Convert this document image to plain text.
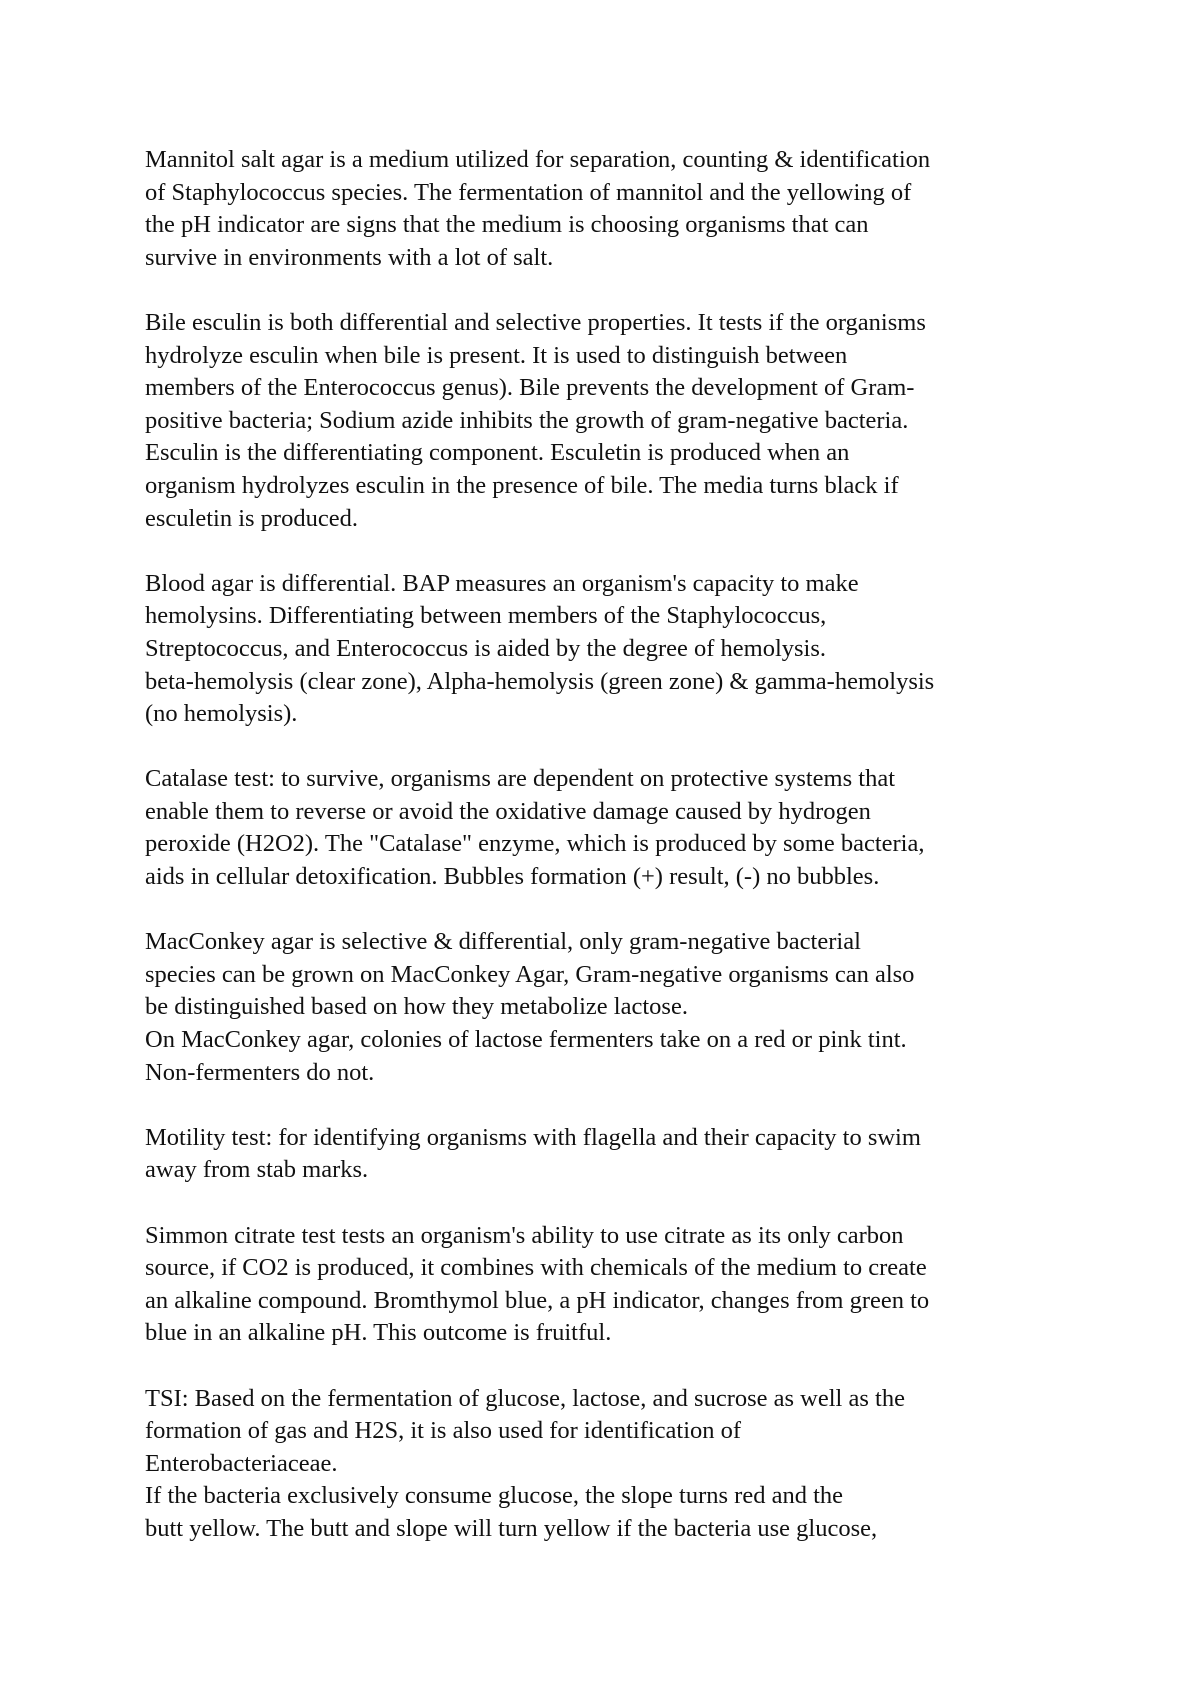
Mannitol salt agar is a medium utilized for separation, counting & identification
of Staphylococcus species. The fermentation of mannitol and the yellowing of
the pH indicator are signs that the medium is choosing organisms that can
survive in environments with a lot of salt.

Bile esculin is both differential and selective properties. It tests if the organisms
hydrolyze esculin when bile is present. It is used to distinguish between
members of the Enterococcus genus). Bile prevents the development of Gram-
positive bacteria; Sodium azide inhibits the growth of gram-negative bacteria.
Esculin is the differentiating component. Esculetin is produced when an
organism hydrolyzes esculin in the presence of bile. The media turns black if
esculetin is produced.

Blood agar is differential. BAP measures an organism's capacity to make
hemolysins. Differentiating between members of the Staphylococcus,
Streptococcus, and Enterococcus is aided by the degree of hemolysis.
beta-hemolysis (clear zone), Alpha-hemolysis (green zone) & gamma-hemolysis
(no hemolysis).

Catalase test: to survive, organisms are dependent on protective systems that
enable them to reverse or avoid the oxidative damage caused by hydrogen
peroxide (H2O2). The "Catalase" enzyme, which is produced by some bacteria,
aids in cellular detoxification. Bubbles formation (+) result, (-) no bubbles.

MacConkey agar is selective & differential, only gram-negative bacterial
species can be grown on MacConkey Agar, Gram-negative organisms can also
be distinguished based on how they metabolize lactose.
On MacConkey agar, colonies of lactose fermenters take on a red or pink tint.
Non-fermenters do not.

Motility test: for identifying organisms with flagella and their capacity to swim
away from stab marks.

Simmon citrate test tests an organism's ability to use citrate as its only carbon
source, if CO2 is produced, it combines with chemicals of the medium to create
an alkaline compound. Bromthymol blue, a pH indicator, changes from green to
blue in an alkaline pH. This outcome is fruitful.

TSI: Based on the fermentation of glucose, lactose, and sucrose as well as the
formation of gas and H2S, it is also used for identification of
Enterobacteriaceae.
If the bacteria exclusively consume glucose, the slope turns red and the
butt yellow. The butt and slope will turn yellow if the bacteria use glucose,
